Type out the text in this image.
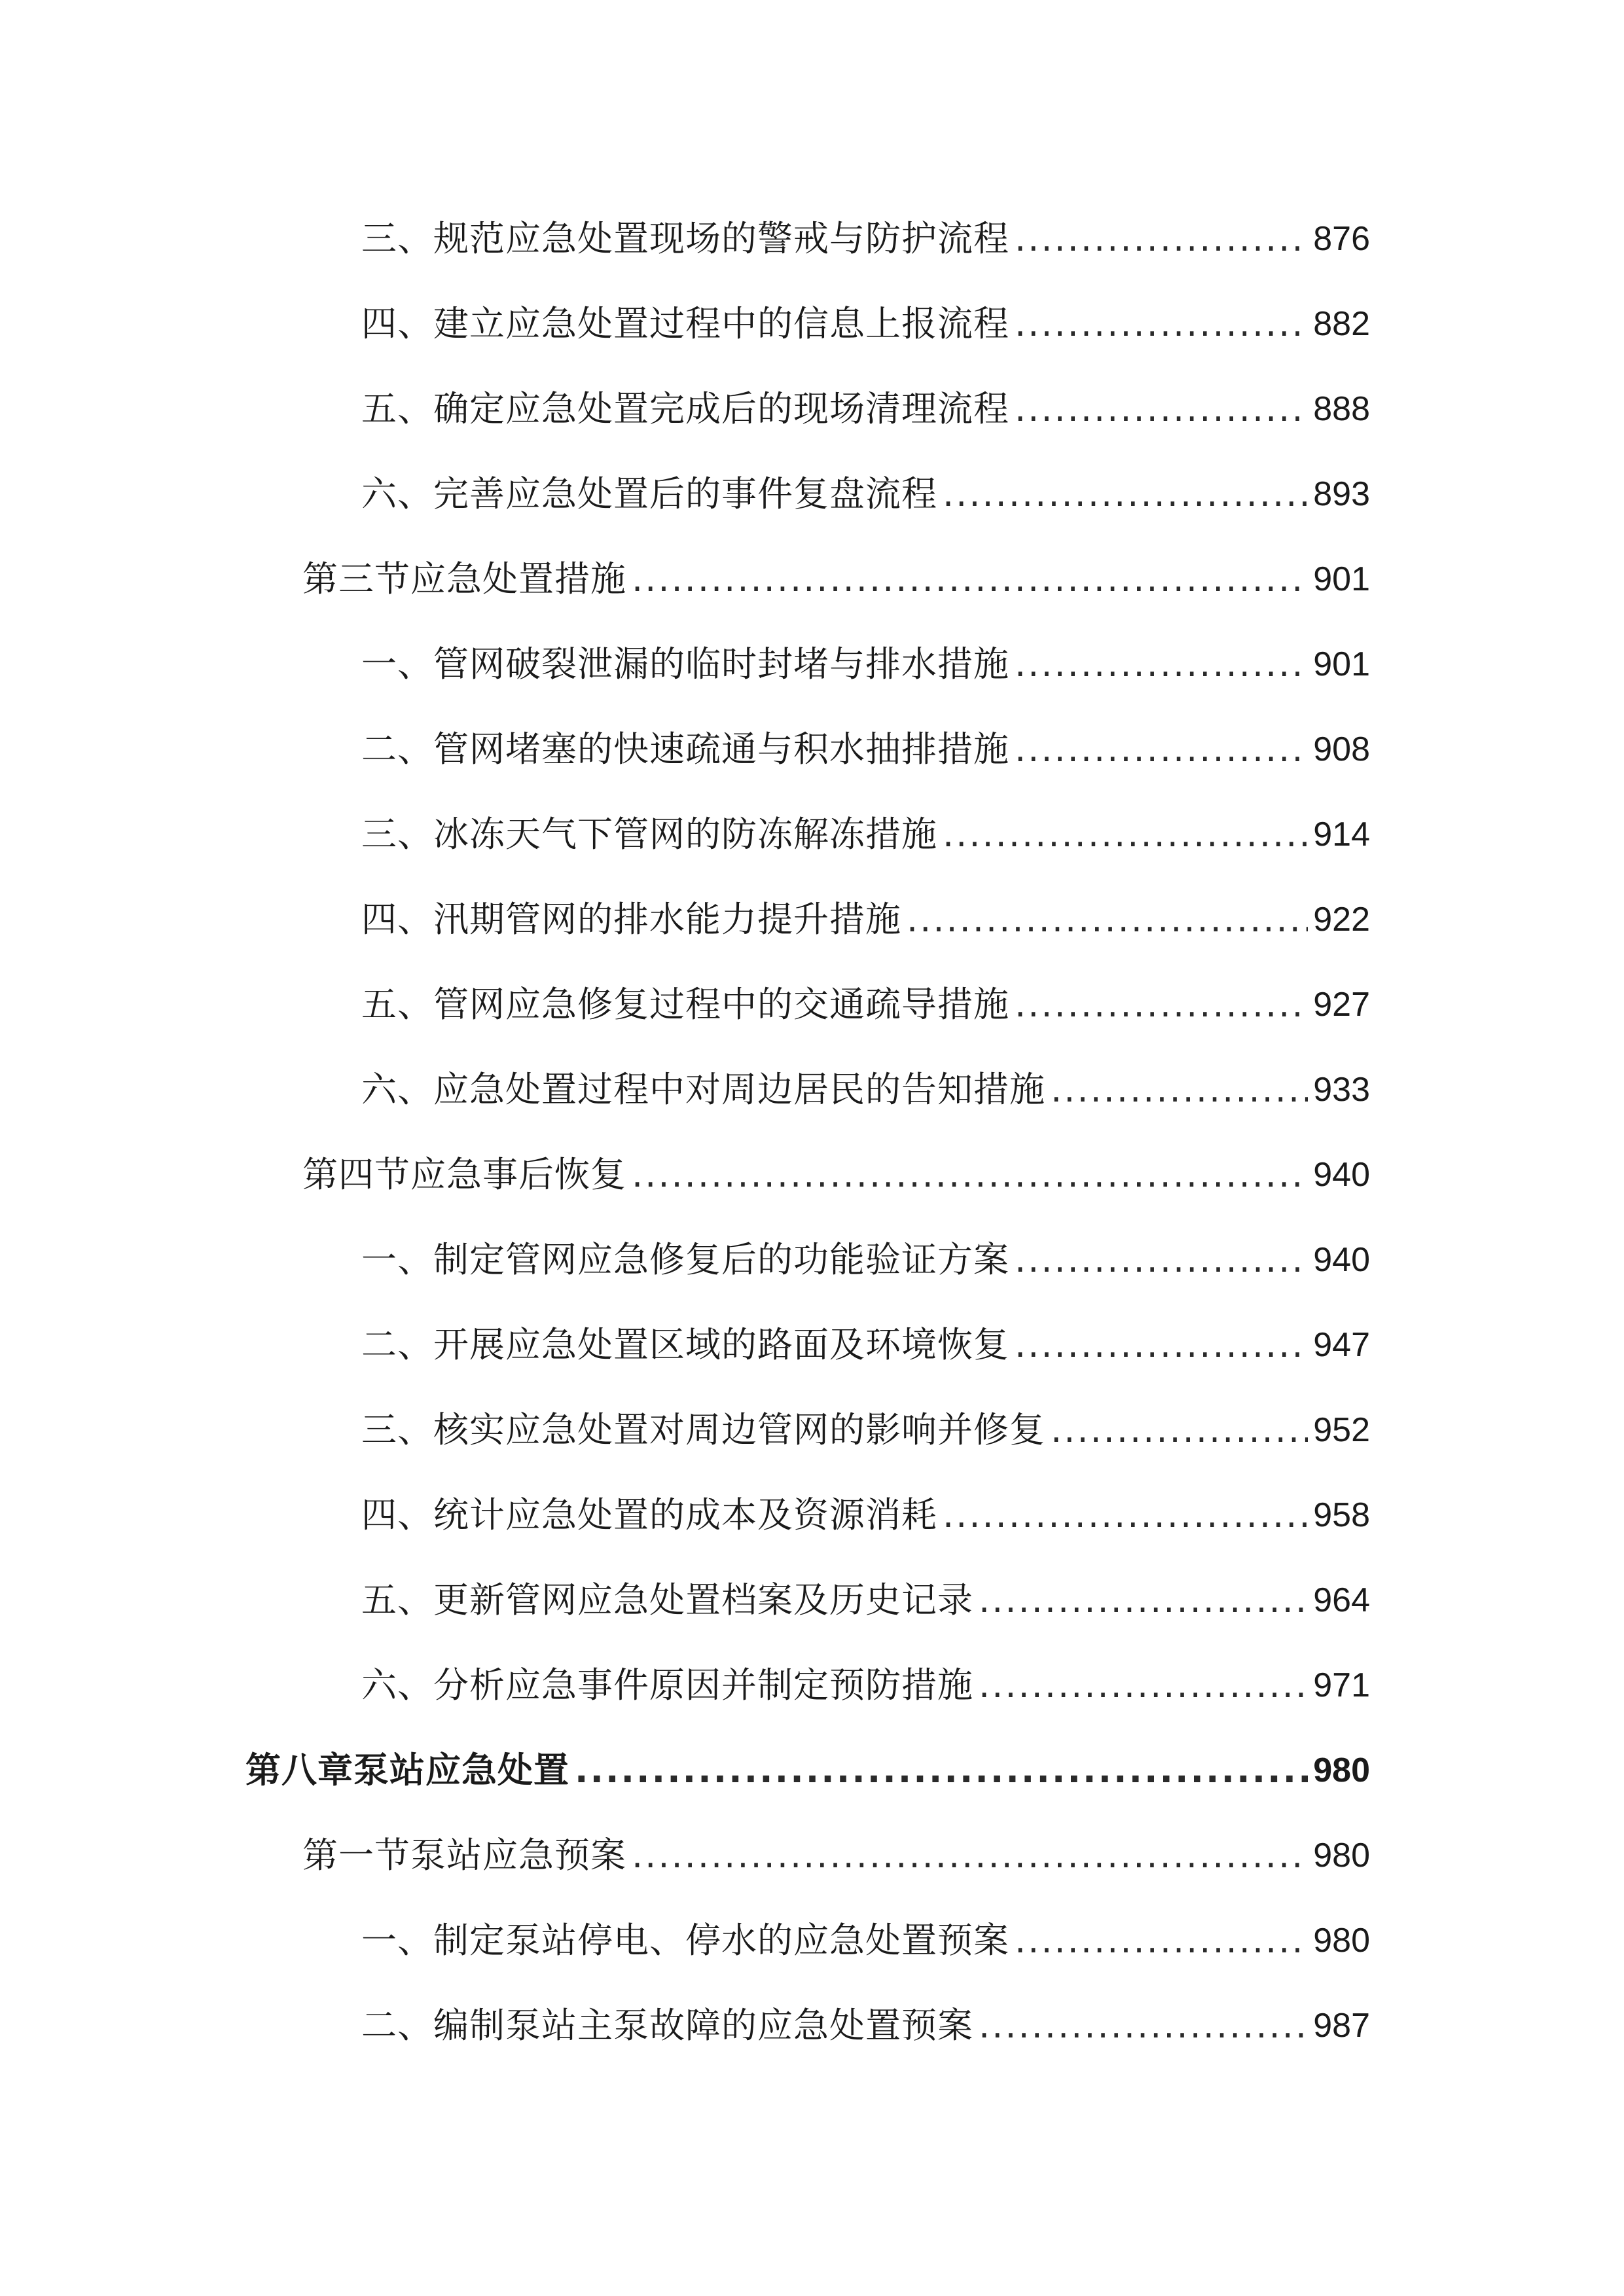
三、规范应急处置现场的警戒与防护流程 .....	876
四、建立应急处置过程中的信息上报流程 .....	882
五、确定应急处置完成后的现场清理流程 .....	888
六、完善应急处置后的事件复盘流程 .....	893
第三节应急处置措施 .....	901
一、管网破裂泄漏的临时封堵与排水措施 .....	901
二、管网堵塞的快速疏通与积水抽排措施 .....	908
三、冰冻天气下管网的防冻解冻措施 .....	914
四、汛期管网的排水能力提升措施 .....	922
五、管网应急修复过程中的交通疏导措施 .....	927
六、应急处置过程中对周边居民的告知措施 .....	933
第四节应急事后恢复 .....	940
一、制定管网应急修复后的功能验证方案 .....	940
二、开展应急处置区域的路面及环境恢复 .....	947
三、核实应急处置对周边管网的影响并修复 .....	952
四、统计应急处置的成本及资源消耗 .....	958
五、更新管网应急处置档案及历史记录 .....	964
六、分析应急事件原因并制定预防措施 .....	971
第八章泵站应急处置 .....	980
第一节泵站应急预案 .....	980
一、制定泵站停电、停水的应急处置预案 .....	980
二、编制泵站主泵故障的应急处置预案 .....	987
